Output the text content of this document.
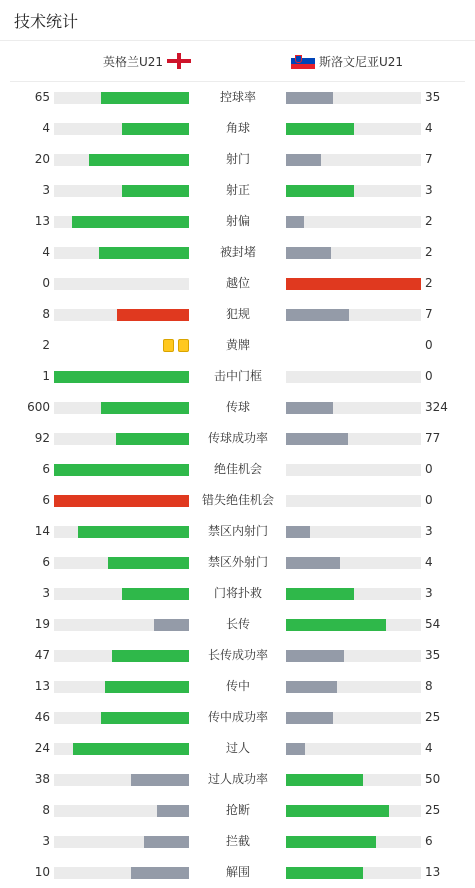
技术统计
英格兰U21	斯洛文尼亚U21
65	控球率	35
4	角球	4
20	射门	7
3	射正	3
13	射偏	2
4	被封堵	2
0	越位	2
8	犯规	7
2	黄牌	0
1	击中门框	0
600	传球	324
92	传球成功率	77
6	绝佳机会	0
6	错失绝佳机会	0
14	禁区内射门	3
6	禁区外射门	4
3	门将扑救	3
19	长传	54
47	长传成功率	35
13	传中	8
46	传中成功率	25
24	过人	4
38	过人成功率	50
8	抢断	25
3	拦截	6
10	解围	13
